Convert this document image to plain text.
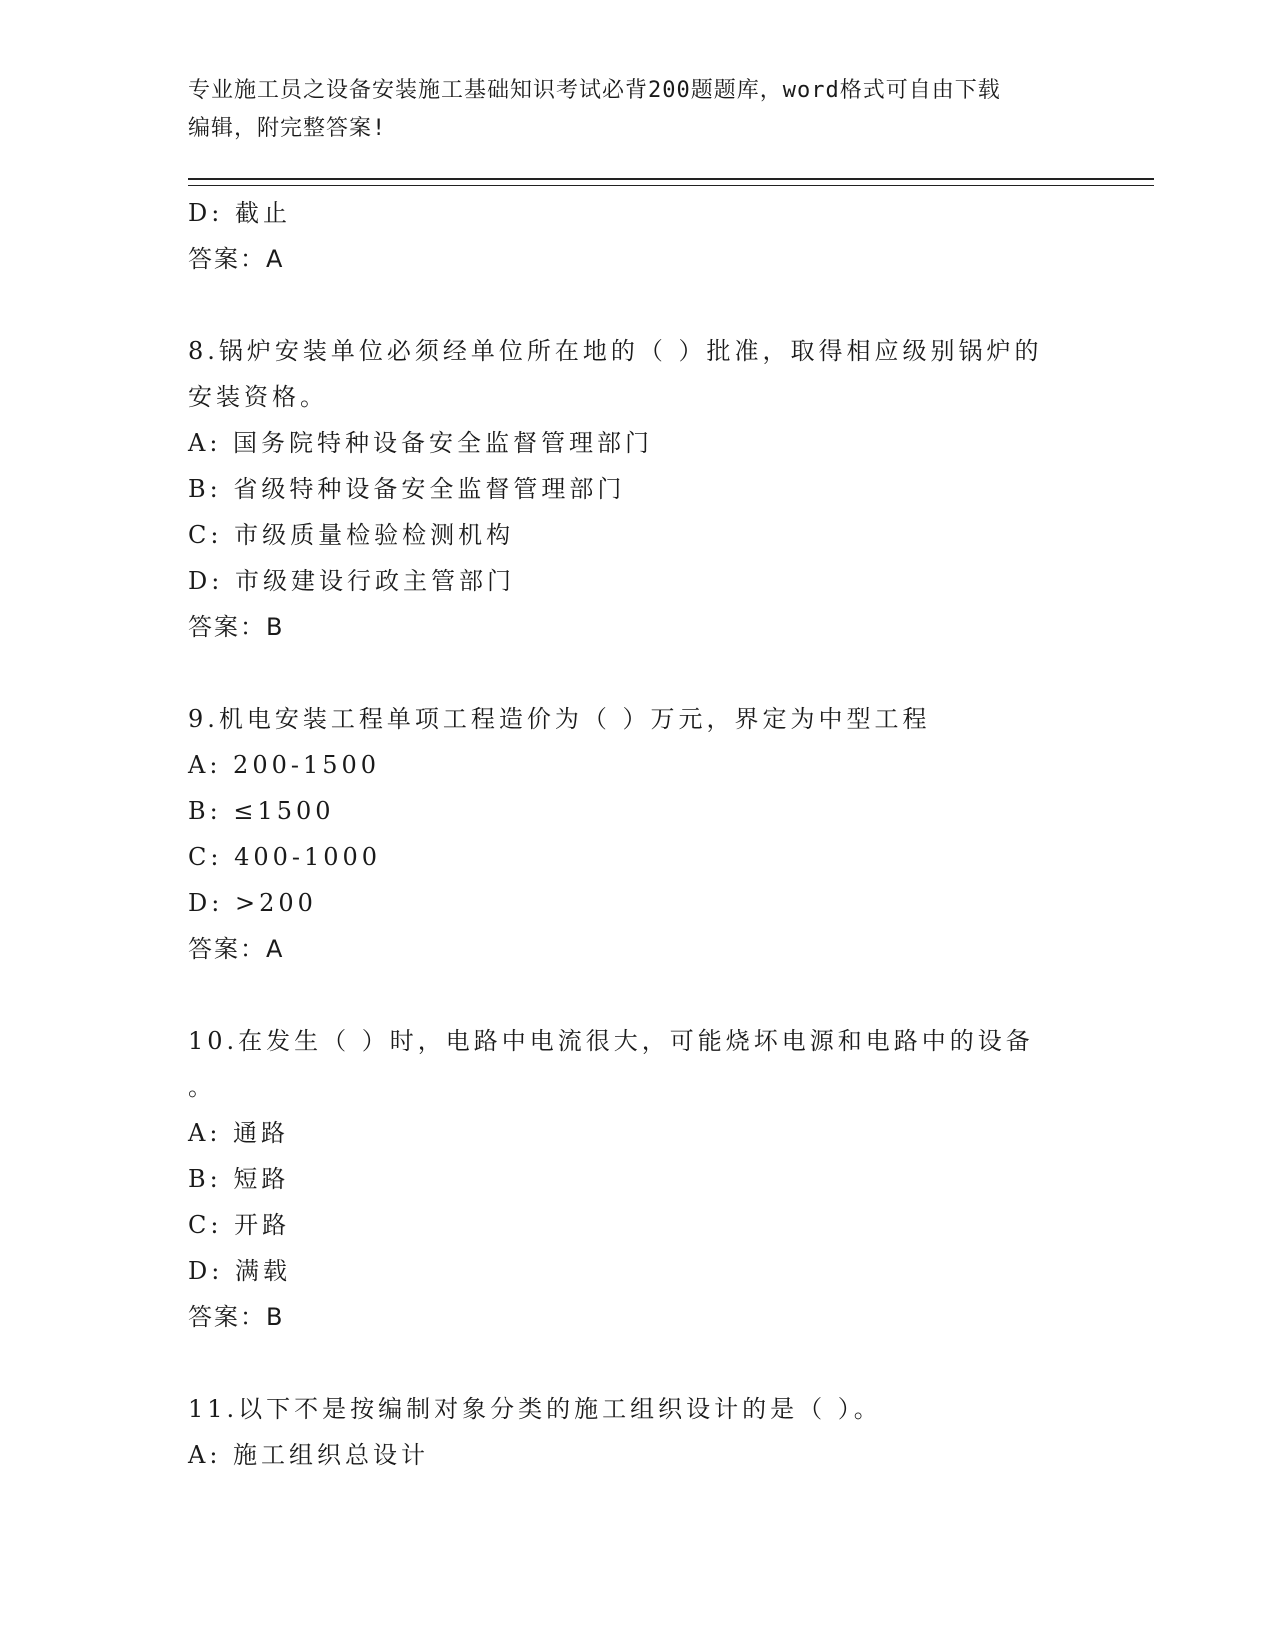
专业施工员之设备安装施工基础知识考试必背200题题库，word格式可自由下载
编辑，附完整答案!
D: 截止
答案：A
8.锅炉安装单位必须经单位所在地的（ ）批准，取得相应级别锅炉的
安装资格。
A: 国务院特种设备安全监督管理部门
B: 省级特种设备安全监督管理部门
C: 市级质量检验检测机构
D: 市级建设行政主管部门
答案：B
9.机电安装工程单项工程造价为（ ）万元，界定为中型工程
A: 200-1500
B: ≤1500
C: 400-1000
D: >200
答案：A
10.在发生（ ）时，电路中电流很大，可能烧坏电源和电路中的设备
。
A: 通路
B: 短路
C: 开路
D: 满载
答案：B
11.以下不是按编制对象分类的施工组织设计的是（ ）。
A: 施工组织总设计
